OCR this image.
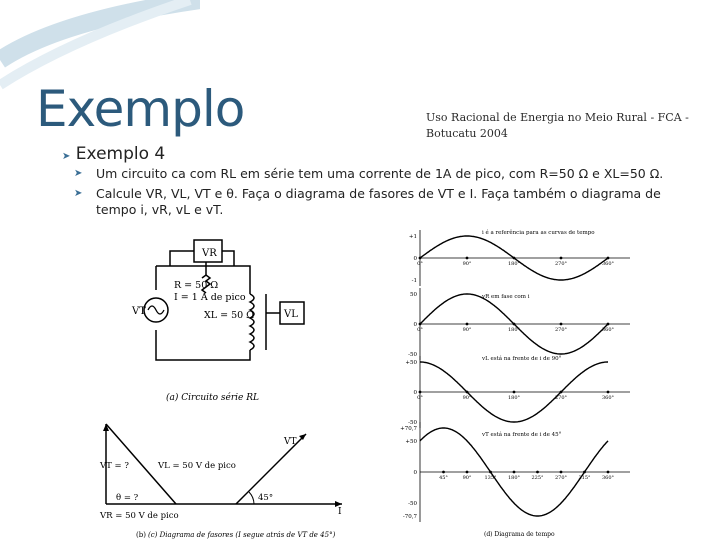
Exemplo	Uso Racional de Energia no Meio Rural - FCA - Botucatu 2004
➤ Exemplo 4
➤ Um circuito ca com RL em série tem uma corrente de 1A de pico, com R=50 Ω e XL=50 Ω.
➤ Calcule VR, VL, VT e θ. Faça o diagrama de fasores de VT e I. Faça também o diagrama de tempo i, vR, vL e vT.
VR
VT	VL
R = 50 Ω
I = 1 A de pico
XL = 50 Ω
(a) Circuito série RL
VT
VT = ?	VL = 50 V de pico
θ = ?
VR = 50 V de pico
45°
I
(c) Diagrama de fasores (I segue atrás de VT de 45°)
(b)
+1
0
-1
i é a referência para as curvas de tempo
0°	90°	180°	270°	360°
50
0
-50
vR em fase com i
0°	90°	180°	270°	360°
+50
0
-50
vL está na frente de i de 90°
0°	90°	180°	270°	360°
+70,7
+50
0
-50
-70,7
vT está na frente de i de 45°
45°	90°	135° 180° 225° 270° 315° 360°
(d) Diagrama de tempo
